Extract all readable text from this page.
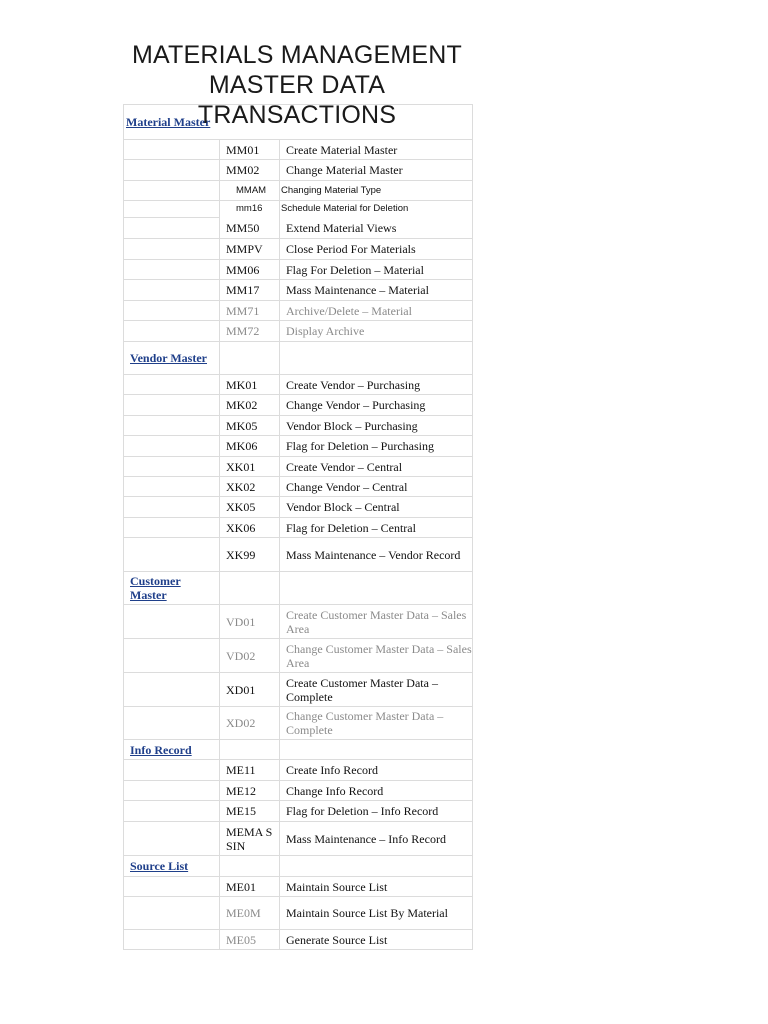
MATERIALS MANAGEMENT
MASTER DATA
TRANSACTIONS
Material Master		
	MM01	Create Material Master
	MM02	Change Material Master
	MMAM	Changing Material Type
	mm16	Schedule Material for Deletion
	MM50	Extend Material Views
	MMPV	Close Period For Materials
	MM06	Flag For Deletion – Material
	MM17	Mass Maintenance – Material
	MM71	Archive/Delete – Material
	MM72	Display Archive
Vendor Master		
	MK01	Create Vendor – Purchasing
	MK02	Change Vendor – Purchasing
	MK05	Vendor Block – Purchasing
	MK06	Flag for Deletion – Purchasing
	XK01	Create Vendor – Central
	XK02	Change Vendor – Central
	XK05	Vendor Block – Central
	XK06	Flag for Deletion – Central
	XK99	Mass Maintenance – Vendor Record
Customer Master		
	VD01	Create Customer Master Data – Sales Area
	VD02	Change Customer Master Data – Sales Area
	XD01	Create Customer Master Data – Complete
	XD02	Change Customer Master Data – Complete
Info Record		
	ME11	Create Info Record
	ME12	Change Info Record
	ME15	Flag for Deletion – Info Record
	MEMA SSIN	Mass Maintenance – Info Record
Source List		
	ME01	Maintain Source List
	ME0M	Maintain Source List By Material
	ME05	Generate Source List
